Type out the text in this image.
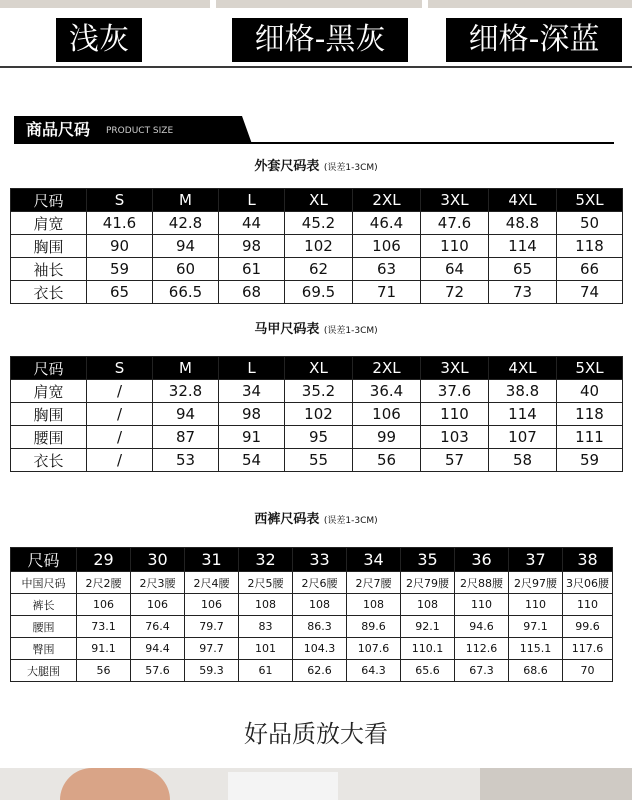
浅灰	细格-黑灰	细格-深蓝
商品尺码 PRODUCT SIZE
外套尺码表 (误差1-3CM)
尺码	S	M	L	XL	2XL	3XL	4XL	5XL
肩宽	41.6	42.8	44	45.2	46.4	47.6	48.8	50
胸围	90	94	98	102	106	110	114	118
袖长	59	60	61	62	63	64	65	66
衣长	65	66.5	68	69.5	71	72	73	74
马甲尺码表 (误差1-3CM)
尺码	S	M	L	XL	2XL	3XL	4XL	5XL
肩宽	/	32.8	34	35.2	36.4	37.6	38.8	40
胸围	/	94	98	102	106	110	114	118
腰围	/	87	91	95	99	103	107	111
衣长	/	53	54	55	56	57	58	59
西裤尺码表 (误差1-3CM)
尺码	29	30	31	32	33	34	35	36	37	38
中国尺码	2尺2腰	2尺3腰	2尺4腰	2尺5腰	2尺6腰	2尺7腰	2尺79腰	2尺88腰	2尺97腰	3尺06腰
裤长	106	106	106	108	108	108	108	110	110	110
腰围	73.1	76.4	79.7	83	86.3	89.6	92.1	94.6	97.1	99.6
臀围	91.1	94.4	97.7	101	104.3	107.6	110.1	112.6	115.1	117.6
大腿围	56	57.6	59.3	61	62.6	64.3	65.6	67.3	68.6	70
好品质放大看
